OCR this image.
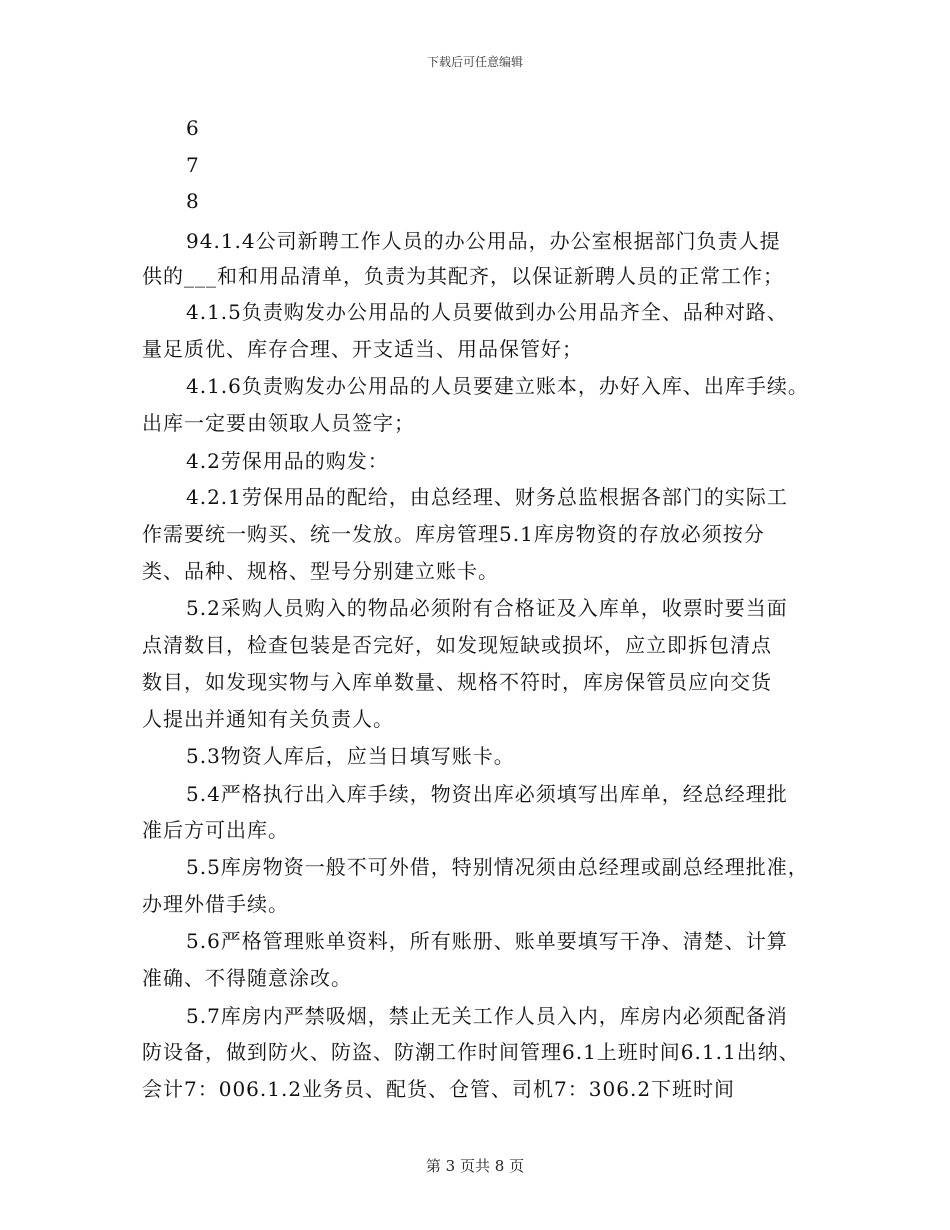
下载后可任意编辑
6
7
8
94.1.4公司新聘工作人员的办公用品，办公室根据部门负责人提
供的___和和用品清单，负责为其配齐，以保证新聘人员的正常工作；
4.1.5负责购发办公用品的人员要做到办公用品齐全、品种对路、
量足质优、库存合理、开支适当、用品保管好；
4.1.6负责购发办公用品的人员要建立账本，办好入库、出库手续。
出库一定要由领取人员签字；
4.2劳保用品的购发：
4.2.1劳保用品的配给，由总经理、财务总监根据各部门的实际工
作需要统一购买、统一发放。库房管理5.1库房物资的存放必须按分
类、品种、规格、型号分别建立账卡。
5.2采购人员购入的物品必须附有合格证及入库单，收票时要当面
点清数目，检查包装是否完好，如发现短缺或损坏，应立即拆包清点
数目，如发现实物与入库单数量、规格不符时，库房保管员应向交货
人提出并通知有关负责人。
5.3物资人库后，应当日填写账卡。
5.4严格执行出入库手续，物资出库必须填写出库单，经总经理批
准后方可出库。
5.5库房物资一般不可外借，特别情况须由总经理或副总经理批准，
办理外借手续。
5.6严格管理账单资料，所有账册、账单要填写干净、清楚、计算
准确、不得随意涂改。
5.7库房内严禁吸烟，禁止无关工作人员入内，库房内必须配备消
防设备，做到防火、防盗、防潮工作时间管理6.1上班时间6.1.1出纳、
会计7：006.1.2业务员、配货、仓管、司机7：306.2下班时间
第 3 页共 8 页
